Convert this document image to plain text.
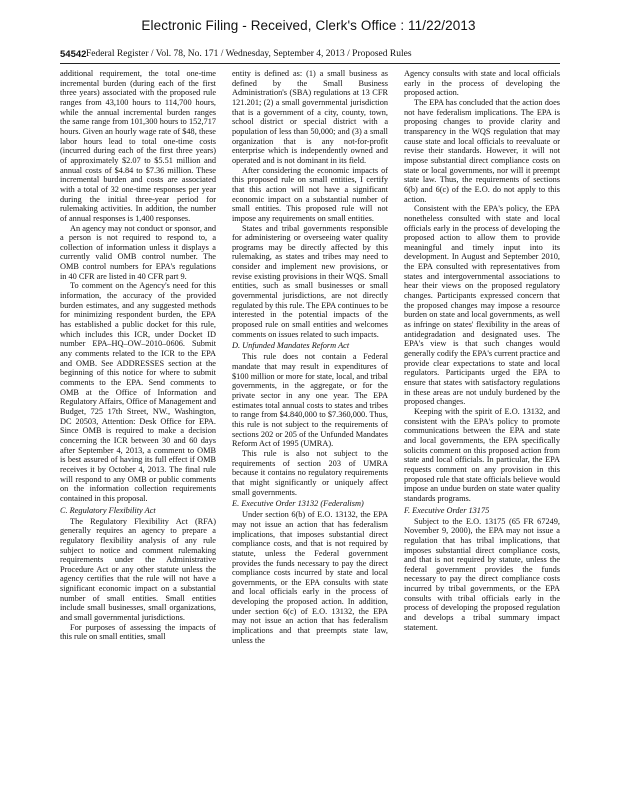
Electronic Filing - Received, Clerk's Office : 11/22/2013
54542 Federal Register / Vol. 78, No. 171 / Wednesday, September 4, 2013 / Proposed Rules

additional requirement, the total one-time incremental burden (during each of the first three years) associated with the proposed rule ranges from 43,100 hours to 114,700 hours, while the annual incremental burden ranges the same range from 101,300 hours to 152,717 hours. Given an hourly wage rate of $48, these labor hours lead to total one-time costs (incurred during each of the first three years) of approximately $2.07 to $5.51 million and annual costs of $4.84 to $7.36 million. These incremental burden and costs are associated with a total of 32 one-time responses per year during the initial three-year period for rulemaking activities. In addition, the number of annual responses is 1,400 responses.

An agency may not conduct or sponsor, and a person is not required to respond to, a collection of information unless it displays a currently valid OMB control number. The OMB control numbers for EPA's regulations in 40 CFR are listed in 40 CFR part 9.

To comment on the Agency's need for this information, the accuracy of the provided burden estimates, and any suggested methods for minimizing respondent burden, the EPA has established a public docket for this rule, which includes this ICR, under Docket ID number EPA–HQ–OW–2010–0606. Submit any comments related to the ICR to the EPA and OMB. See ADDRESSES section at the beginning of this notice for where to submit comments to the EPA. Send comments to OMB at the Office of Information and Regulatory Affairs, Office of Management and Budget, 725 17th Street, NW., Washington, DC 20503, Attention: Desk Office for EPA. Since OMB is required to make a decision concerning the ICR between 30 and 60 days after September 4, 2013, a comment to OMB is best assured of having its full effect if OMB receives it by October 4, 2013. The final rule will respond to any OMB or public comments on the information collection requirements contained in this proposal.

C. Regulatory Flexibility Act

The Regulatory Flexibility Act (RFA) generally requires an agency to prepare a regulatory flexibility analysis of any rule subject to notice and comment rulemaking requirements under the Administrative Procedure Act or any other statute unless the agency certifies that the rule will not have a significant economic impact on a substantial number of small entities. Small entities include small businesses, small organizations, and small governmental jurisdictions.

For purposes of assessing the impacts of this rule on small entities, small

entity is defined as: (1) a small business as defined by the Small Business Administration's (SBA) regulations at 13 CFR 121.201; (2) a small governmental jurisdiction that is a government of a city, county, town, school district or special district with a population of less than 50,000; and (3) a small organization that is any not-for-profit enterprise which is independently owned and operated and is not dominant in its field.

After considering the economic impacts of this proposed rule on small entities, I certify that this action will not have a significant economic impact on a substantial number of small entities. This proposed rule will not impose any requirements on small entities.

States and tribal governments responsible for administering or overseeing water quality programs may be directly affected by this rulemaking, as states and tribes may need to consider and implement new provisions, or revise existing provisions in their WQS. Small entities, such as small businesses or small governmental jurisdictions, are not directly regulated by this rule. The EPA continues to be interested in the potential impacts of the proposed rule on small entities and welcomes comments on issues related to such impacts.

D. Unfunded Mandates Reform Act

This rule does not contain a Federal mandate that may result in expenditures of $100 million or more for state, local, and tribal governments, in the aggregate, or for the private sector in any one year. The EPA estimates total annual costs to states and tribes to range from $4.840,000 to $7.360,000. Thus, this rule is not subject to the requirements of sections 202 or 205 of the Unfunded Mandates Reform Act of 1995 (UMRA).

This rule is also not subject to the requirements of section 203 of UMRA because it contains no regulatory requirements that might significantly or uniquely affect small governments.

E. Executive Order 13132 (Federalism)

Under section 6(b) of E.O. 13132, the EPA may not issue an action that has federalism implications, that imposes substantial direct compliance costs, and that is not required by statute, unless the Federal government provides the funds necessary to pay the direct compliance costs incurred by state and local governments, or the EPA consults with state and local officials early in the process of developing the proposed action. In addition, under section 6(c) of E.O. 13132, the EPA may not issue an action that has federalism implications and that preempts state law, unless the

Agency consults with state and local officials early in the process of developing the proposed action.

The EPA has concluded that the action does not have federalism implications. The EPA is proposing changes to provide clarity and transparency in the WQS regulation that may cause state and local officials to reevaluate or revise their standards. However, it will not impose substantial direct compliance costs on state or local governments, nor will it preempt state law. Thus, the requirements of sections 6(b) and 6(c) of the E.O. do not apply to this action.

Consistent with the EPA's policy, the EPA nonetheless consulted with state and local officials early in the process of developing the proposed action to allow them to provide meaningful and timely input into its development. In August and September 2010, the EPA consulted with representatives from states and intergovernmental associations to hear their views on the proposed regulatory changes. Participants expressed concern that the proposed changes may impose a resource burden on state and local governments, as well as infringe on states' flexibility in the areas of antidegradation and designated uses. The EPA's view is that such changes would generally codify the EPA's current practice and provide clear expectations to state and local regulators. Participants urged the EPA to ensure that states with satisfactory regulations in these areas are not unduly burdened by the proposed changes.

Keeping with the spirit of E.O. 13132, and consistent with the EPA's policy to promote communications between the EPA and state and local governments, the EPA specifically solicits comment on this proposed action from state and local officials. In particular, the EPA requests comment on any provision in this proposed rule that state officials believe would impose an undue burden on state water quality standards programs.

F. Executive Order 13175

Subject to the E.O. 13175 (65 FR 67249, November 9, 2000), the EPA may not issue a regulation that has tribal implications, that imposes substantial direct compliance costs, and that is not required by statute, unless the federal government provides the funds necessary to pay the direct compliance costs incurred by tribal governments, or the EPA consults with tribal officials early in the process of developing the proposed regulation and develops a tribal summary impact statement.
